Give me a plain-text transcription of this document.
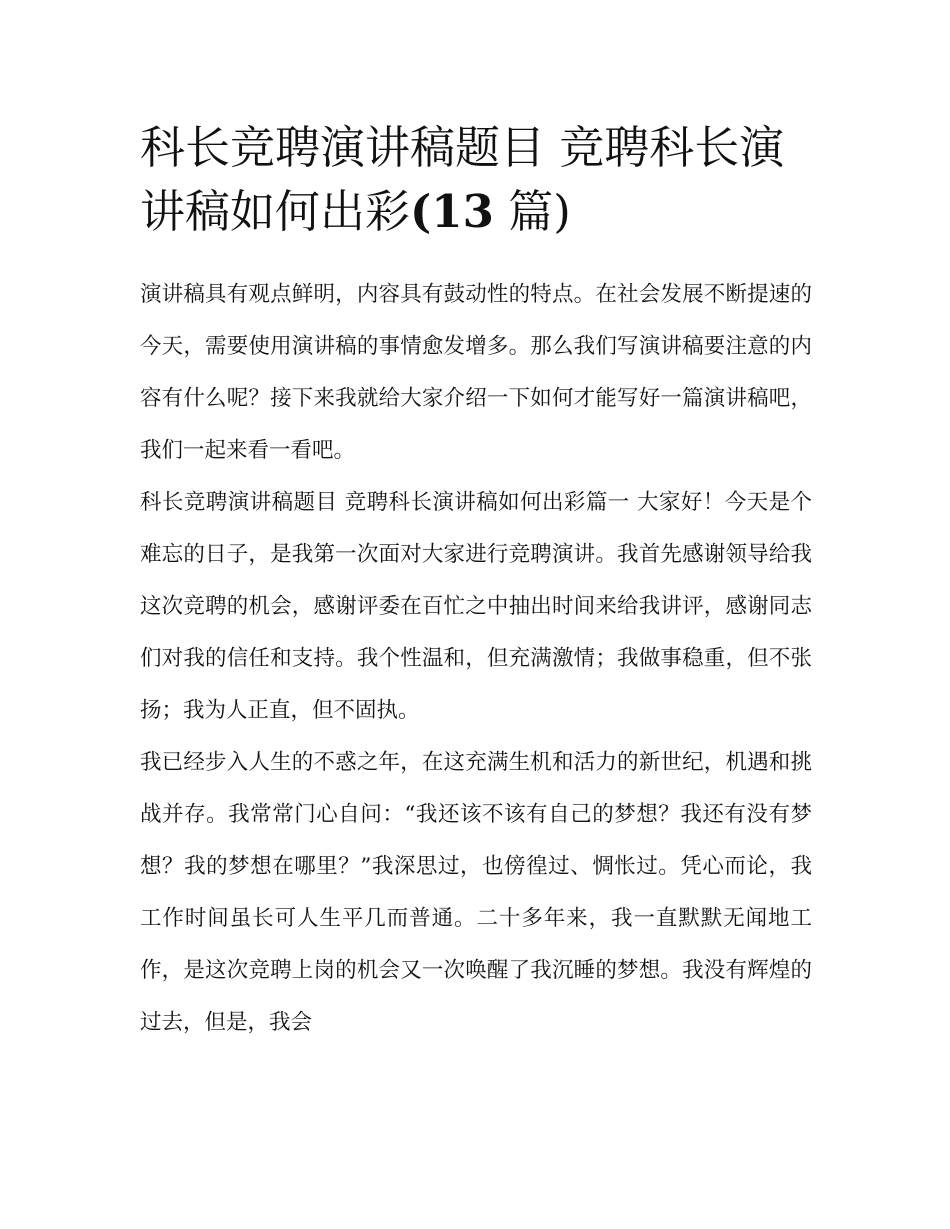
科长竞聘演讲稿题目 竞聘科长演讲稿如何出彩(13 篇)

演讲稿具有观点鲜明，内容具有鼓动性的特点。在社会发展不断提速的今天，需要使用演讲稿的事情愈发增多。那么我们写演讲稿要注意的内容有什么呢？接下来我就给大家介绍一下如何才能写好一篇演讲稿吧，我们一起来看一看吧。

科长竞聘演讲稿题目 竞聘科长演讲稿如何出彩篇一 大家好！今天是个难忘的日子，是我第一次面对大家进行竞聘演讲。我首先感谢领导给我这次竞聘的机会，感谢评委在百忙之中抽出时间来给我讲评，感谢同志们对我的信任和支持。我个性温和，但充满激情；我做事稳重，但不张扬；我为人正直，但不固执。

我已经步入人生的不惑之年，在这充满生机和活力的新世纪，机遇和挑战并存。我常常门心自问：“我还该不该有自己的梦想？我还有没有梦想？我的梦想在哪里？”我深思过，也傍徨过、惆怅过。凭心而论，我工作时间虽长可人生平几而普通。二十多年来，我一直默默无闻地工作，是这次竞聘上岗的机会又一次唤醒了我沉睡的梦想。我没有辉煌的过去，但是，我会
